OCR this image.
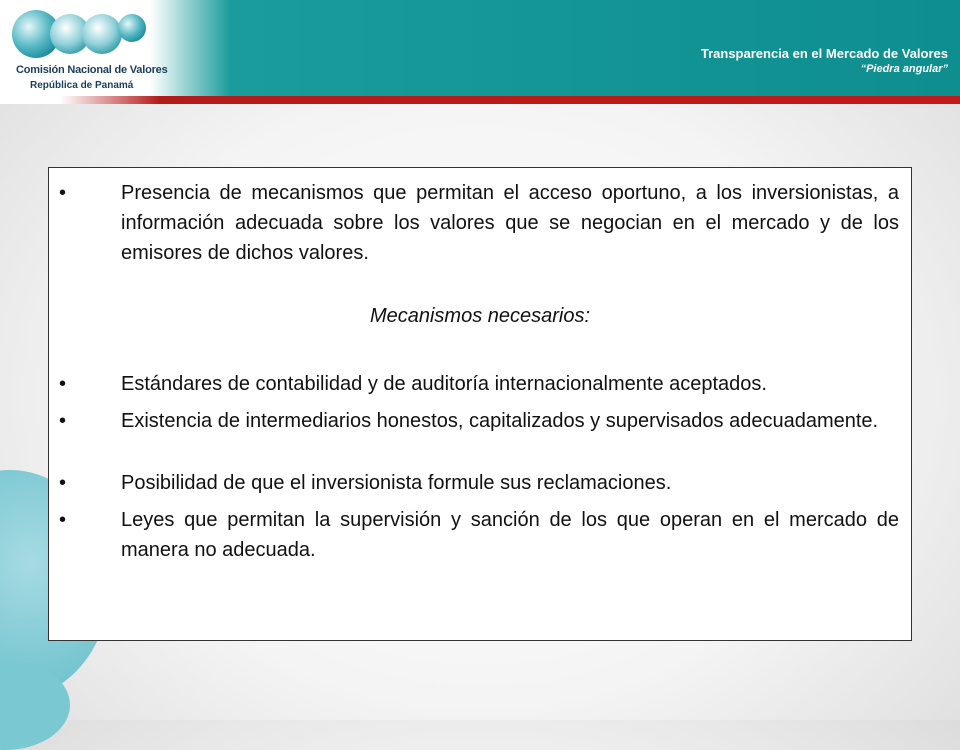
Comisión Nacional de Valores
República de Panamá
Transparencia en el Mercado de Valores
“Piedra angular”
•	Presencia de mecanismos que permitan el acceso oportuno, a los inversionistas, a información adecuada sobre los valores que se negocian en el mercado y de los emisores de dichos valores.
Mecanismos necesarios:
•	Estándares de contabilidad y de auditoría internacionalmente aceptados.
•	Existencia de intermediarios honestos, capitalizados y supervisados adecuadamente.
•	Posibilidad de que el inversionista formule sus reclamaciones.
•	Leyes que permitan la supervisión y sanción de los que operan en el mercado de manera no adecuada.
